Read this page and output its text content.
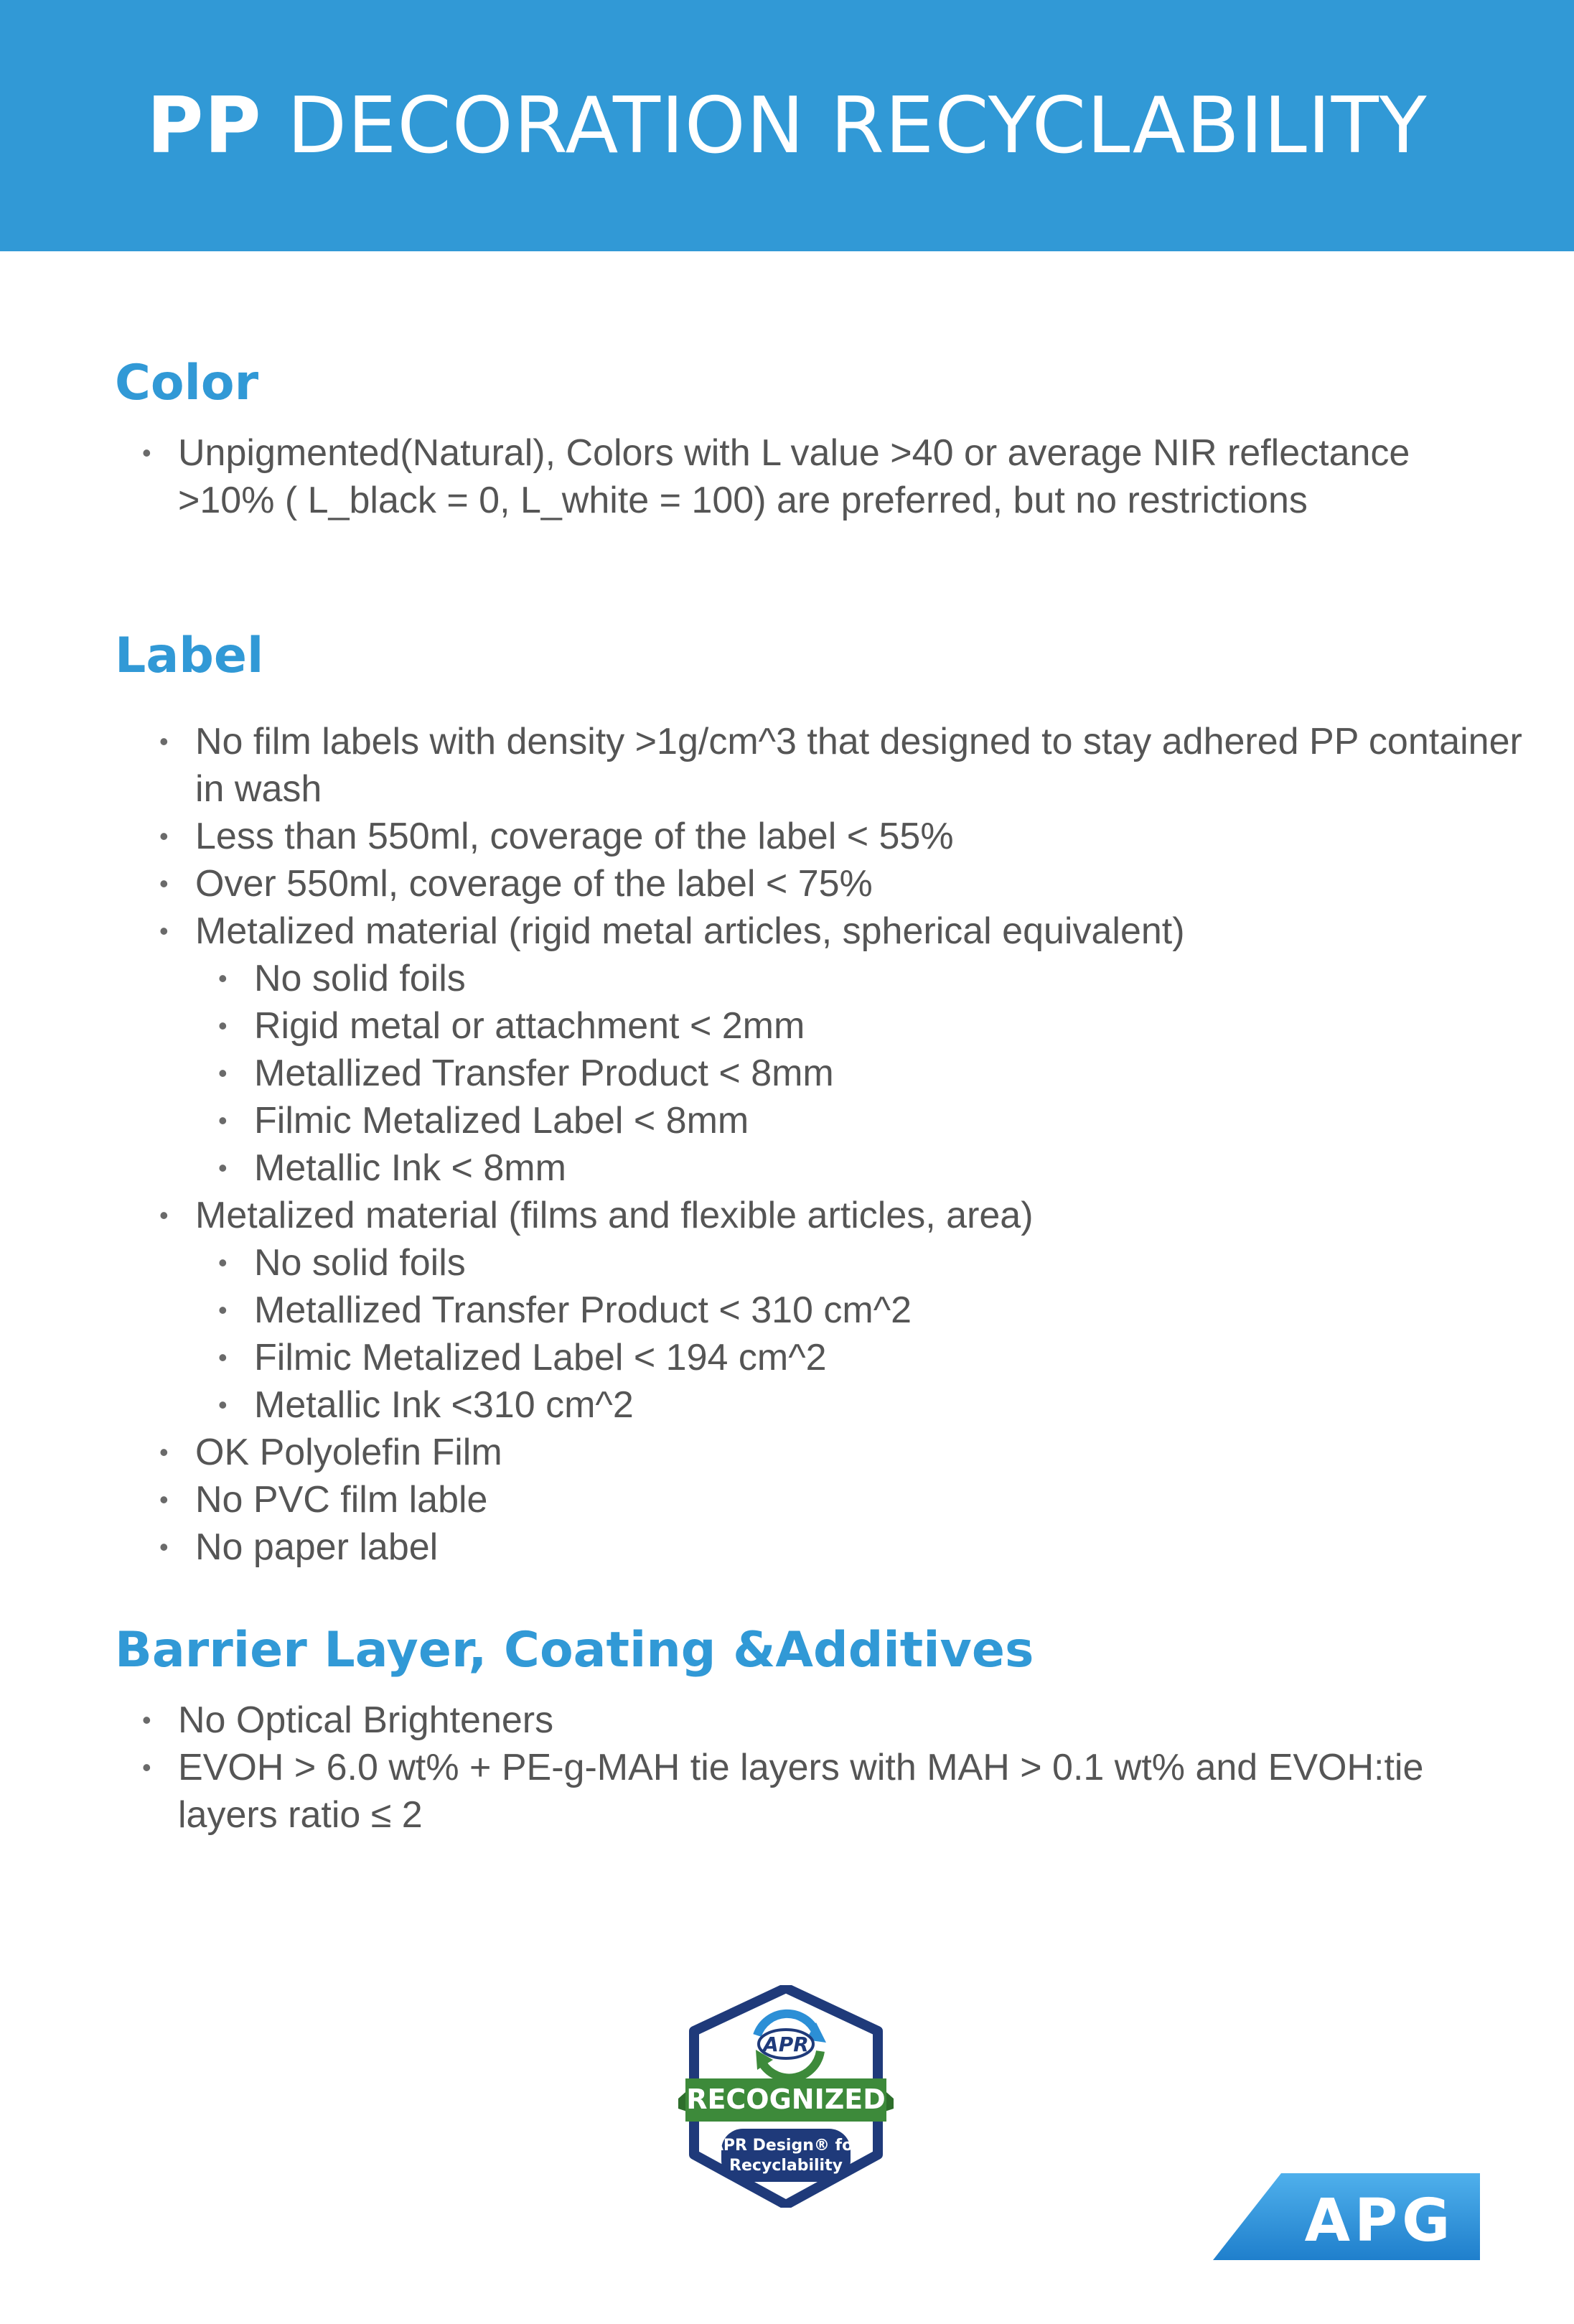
PP DECORATION RECYCLABILITY
Color
• Unpigmented(Natural), Colors with L value >40 or average NIR reflectance >10% ( L_black = 0, L_white = 100) are preferred, but no restrictions
Label
• No film labels with density >1g/cm^3 that designed to stay adhered PP container in wash
• Less than 550ml, coverage of the label < 55%
• Over 550ml, coverage of the label < 75%
• Metalized material (rigid metal articles, spherical equivalent)
• No solid foils
• Rigid metal or attachment < 2mm
• Metallized Transfer Product < 8mm
• Filmic Metalized Label < 8mm
• Metallic Ink < 8mm
• Metalized material (films and flexible articles, area)
• No solid foils
• Metallized Transfer Product < 310 cm^2
• Filmic Metalized Label < 194 cm^2
• Metallic Ink <310 cm^2
• OK Polyolefin Film
• No PVC film lable
• No paper label
Barrier Layer, Coating &Additives
• No Optical Brighteners
• EVOH > 6.0 wt% + PE-g-MAH tie layers with MAH > 0.1 wt% and EVOH:tie layers ratio ≤ 2
APR
RECOGNIZED
APR Design® for
Recyclability
APG
